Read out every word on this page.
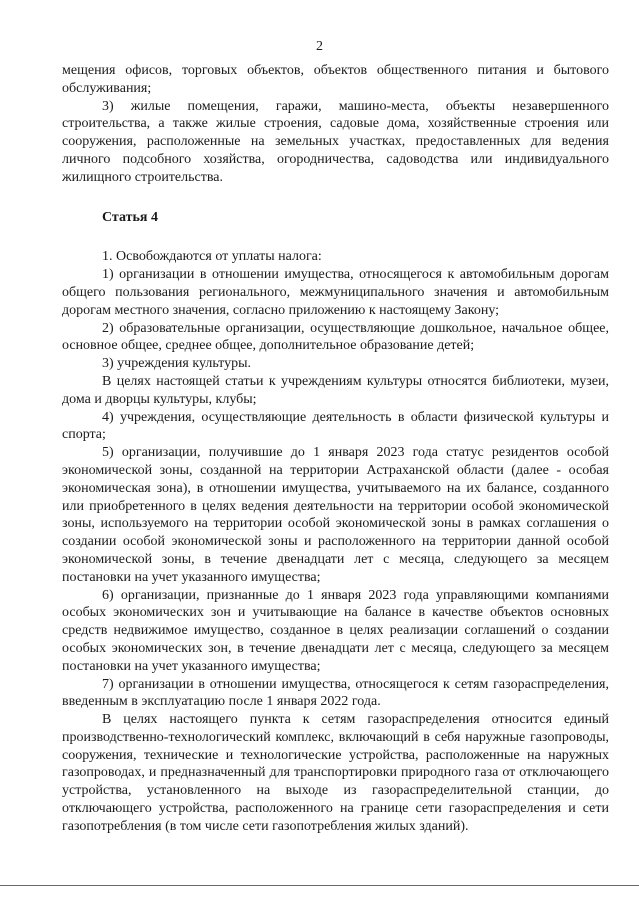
2

мещения офисов, торговых объектов, объектов общественного питания и бытового обслуживания;

3) жилые помещения, гаражи, машино-места, объекты незавершенного строительства, а также жилые строения, садовые дома, хозяйственные строения или сооружения, расположенные на земельных участках, предоставленных для ведения личного подсобного хозяйства, огородничества, садоводства или индивидуального жилищного строительства.

Статья 4

1. Освобождаются от уплаты налога:

1) организации в отношении имущества, относящегося к автомобильным дорогам общего пользования регионального, межмуниципального значения и автомобильным дорогам местного значения, согласно приложению к настоящему Закону;

2) образовательные организации, осуществляющие дошкольное, начальное общее, основное общее, среднее общее, дополнительное образование детей;

3) учреждения культуры.

В целях настоящей статьи к учреждениям культуры относятся библиотеки, музеи, дома и дворцы культуры, клубы;

4) учреждения, осуществляющие деятельность в области физической культуры и спорта;

5) организации, получившие до 1 января 2023 года статус резидентов особой экономической зоны, созданной на территории Астраханской области (далее - особая экономическая зона), в отношении имущества, учитываемого на их балансе, созданного или приобретенного в целях ведения деятельности на территории особой экономической зоны, используемого на территории особой экономической зоны в рамках соглашения о создании особой экономической зоны и расположенного на территории данной особой экономической зоны, в течение двенадцати лет с месяца, следующего за месяцем постановки на учет указанного имущества;

6) организации, признанные до 1 января 2023 года управляющими компаниями особых экономических зон и учитывающие на балансе в качестве объектов основных средств недвижимое имущество, созданное в целях реализации соглашений о создании особых экономических зон, в течение двенадцати лет с месяца, следующего за месяцем постановки на учет указанного имущества;

7) организации в отношении имущества, относящегося к сетям газораспределения, введенным в эксплуатацию после 1 января 2022 года.

В целях настоящего пункта к сетям газораспределения относится единый производственно-технологический комплекс, включающий в себя наружные газопроводы, сооружения, технические и технологические устройства, расположенные на наружных газопроводах, и предназначенный для транспортировки природного газа от отключающего устройства, установленного на выходе из газораспределительной станции, до отключающего устройства, расположенного на границе сети газораспределения и сети газопотребления (в том числе сети газопотребления жилых зданий).
